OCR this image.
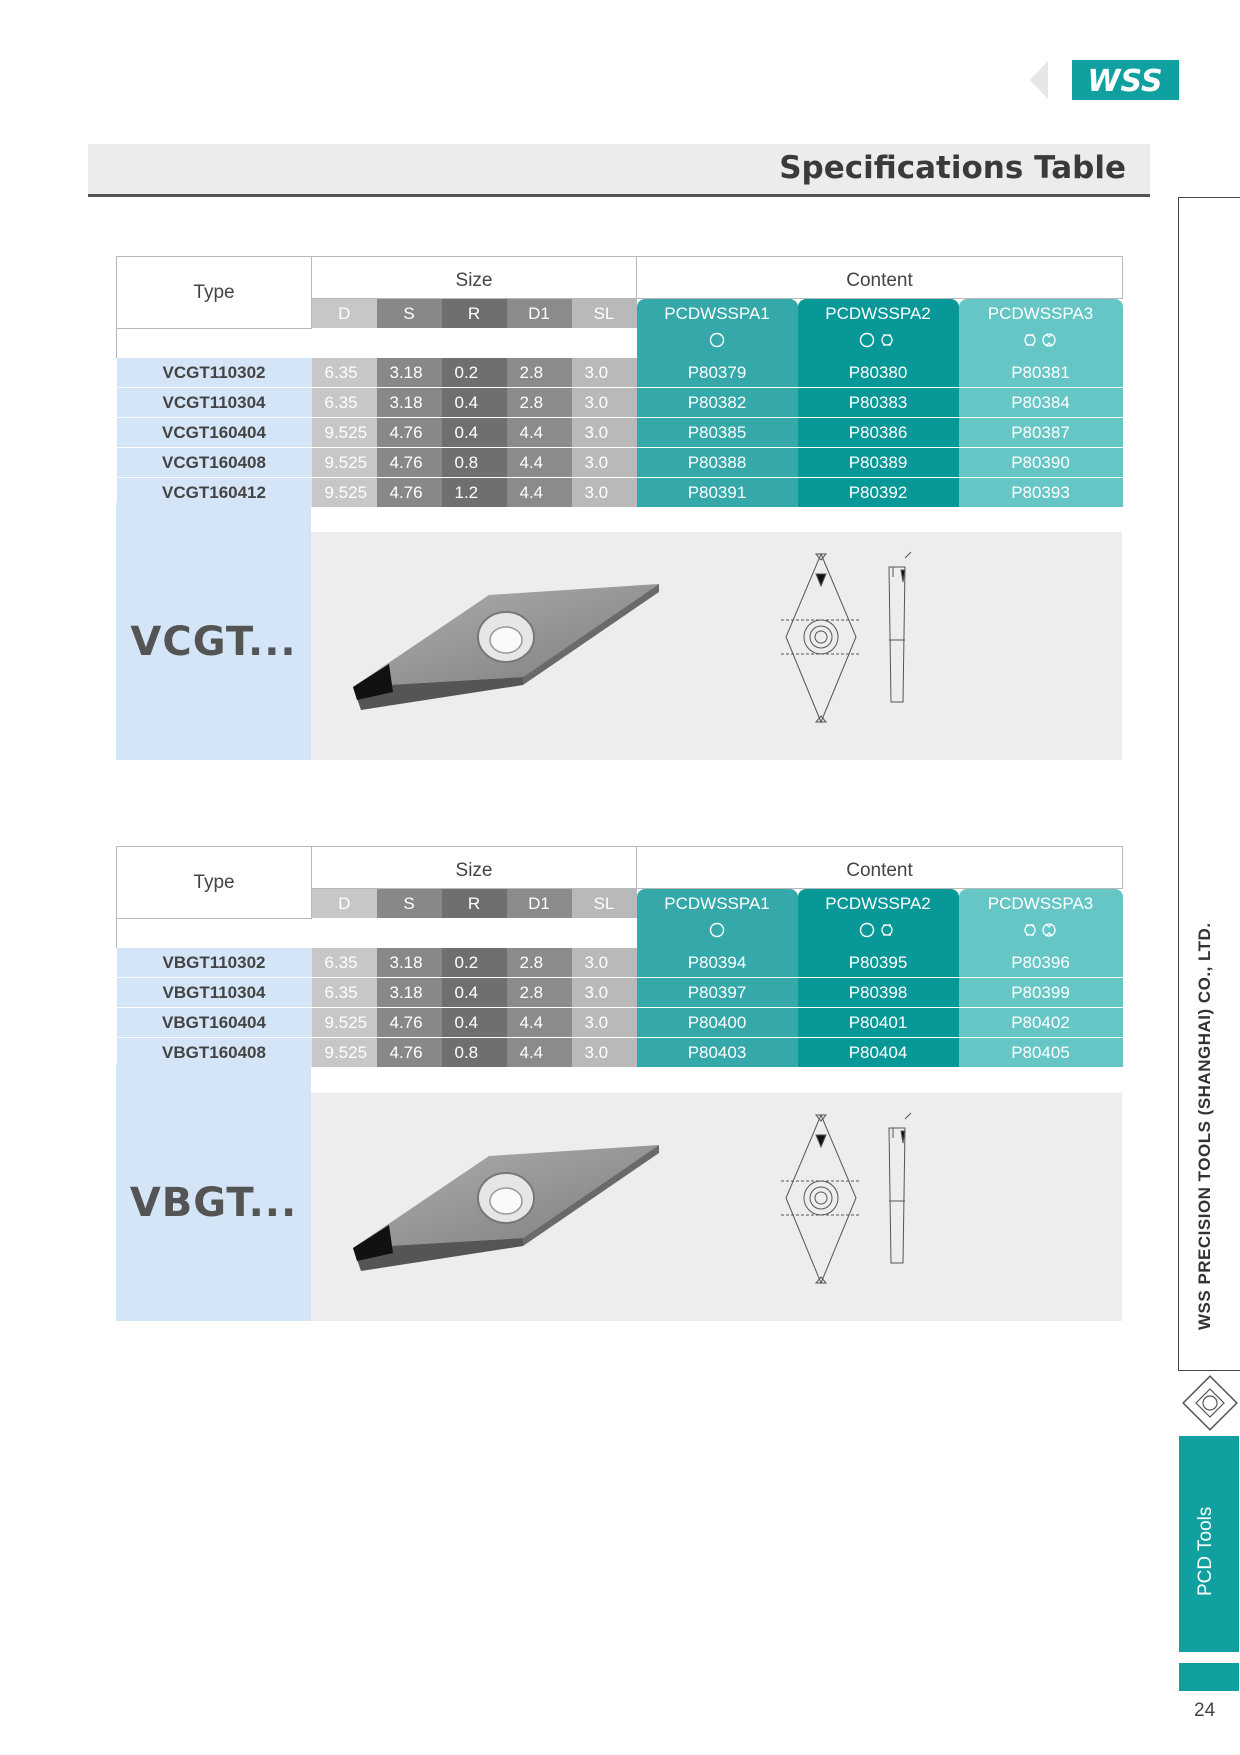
WSS
Specifications Table
Type	Size					Content		
	D	S	R	D1	SL	PCDWSSPA1	PCDWSSPA2	PCDWSSPA3

VCGT110302	6.35	3.18	0.2	2.8	3.0	P80379	P80380	P80381
VCGT110304	6.35	3.18	0.4	2.8	3.0	P80382	P80383	P80384
VCGT160404	9.525	4.76	0.4	4.4	3.0	P80385	P80386	P80387
VCGT160408	9.525	4.76	0.8	4.4	3.0	P80388	P80389	P80390
VCGT160412	9.525	4.76	1.2	4.4	3.0	P80391	P80392	P80393
VCGT...
Type	Size					Content		
	D	S	R	D1	SL	PCDWSSPA1	PCDWSSPA2	PCDWSSPA3

VBGT110302	6.35	3.18	0.2	2.8	3.0	P80394	P80395	P80396
VBGT110304	6.35	3.18	0.4	2.8	3.0	P80397	P80398	P80399
VBGT160404	9.525	4.76	0.4	4.4	3.0	P80400	P80401	P80402
VBGT160408	9.525	4.76	0.8	4.4	3.0	P80403	P80404	P80405
VBGT...	WSS PRECISION TOOLS (SHANGHAI) CO., LTD.
PCD Tools
24
